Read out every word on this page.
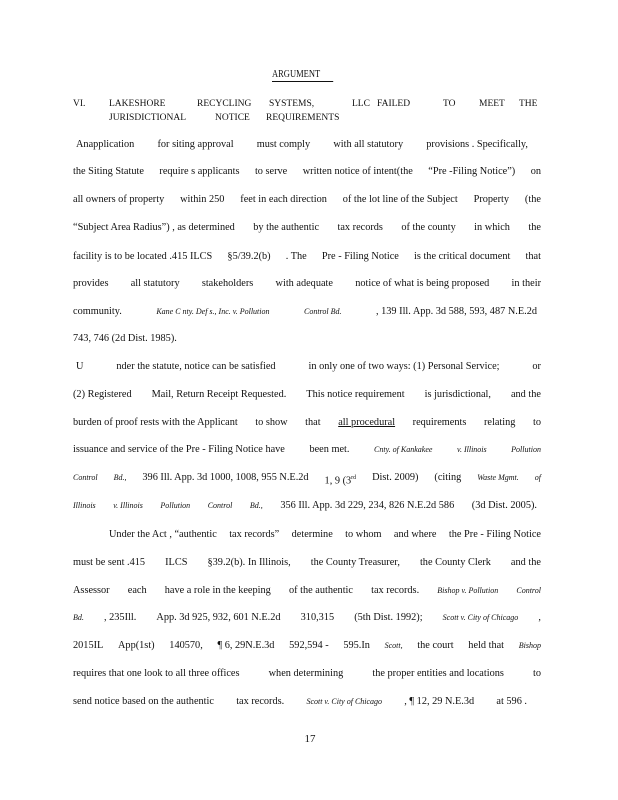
ARGUMENT
VI. LAKESHORE	RECYCLING SYSTEMS,	LLC FAILED	TO MEET THE
JURISDICTIONAL	NOTICE REQUIREMENTS
Anapplication for siting approval must comply with all statutory provisions . Specifically,
the Siting Statute require s applicants to serve written notice of intent(the “Pre -Filing Notice”) on
all owners of property within 250 feet in each direction of the lot line of the Subject Property (the
“Subject Area Radius”) , as determined by the authentic tax records of the county in which the
facility is to be located .415 ILCS §5/39.2(b) . The Pre - Filing Notice is the critical document that
provides all statutory stakeholders with adequate notice of what is being proposed in their
community.	Kane C nty. Def s., Inc. v. Pollution	Control Bd.	, 139 Ill. App. 3d 588, 593, 487 N.E.2d
743, 746 (2d Dist. 1985).
U	nder the statute, notice can be satisfied	in only one of two ways: (1) Personal Service;	or
(2) Registered Mail, Return Receipt Requested. This notice requirement is jurisdictional, and the
burden of proof rests with the Applicant to show that all procedural requirements relating to
issuance and service of the Pre - Filing Notice have been met.	Cnty. of Kankakee	v. Illinois	Pollution
Control Bd., 396 Ill. App. 3d 1000, 1008, 955 N.E.2d 1, 9 (3rd Dist. 2009) (citing Waste Mgmt. of
Illinois v. Illinois Pollution Control Bd., 356 Ill. App. 3d 229, 234, 826 N.E.2d 586 (3d Dist. 2005).
Under the Act , “authentic tax records” determine to whom and where the Pre - Filing Notice
must be sent .415 ILCS §39.2(b). In Illinois, the County Treasurer, the County Clerk and the
Assessor each have a role in the keeping of the authentic tax records. Bishop v. Pollution Control
Bd. , 235Ill. App. 3d 925, 932, 601 N.E.2d 310,315 (5th Dist. 1992);	Scott v. City of Chicago ,
2015IL App(1st) 140570, ¶ 6, 29N.E.3d 592,594 - 595.In Scott, the court held that Bishop
requires that one look to all three offices	when determining	the proper entities and locations	to
send notice based on the authentic tax records.	Scott v. City of Chicago , ¶ 12, 29 N.E.3d at 596 .
17
